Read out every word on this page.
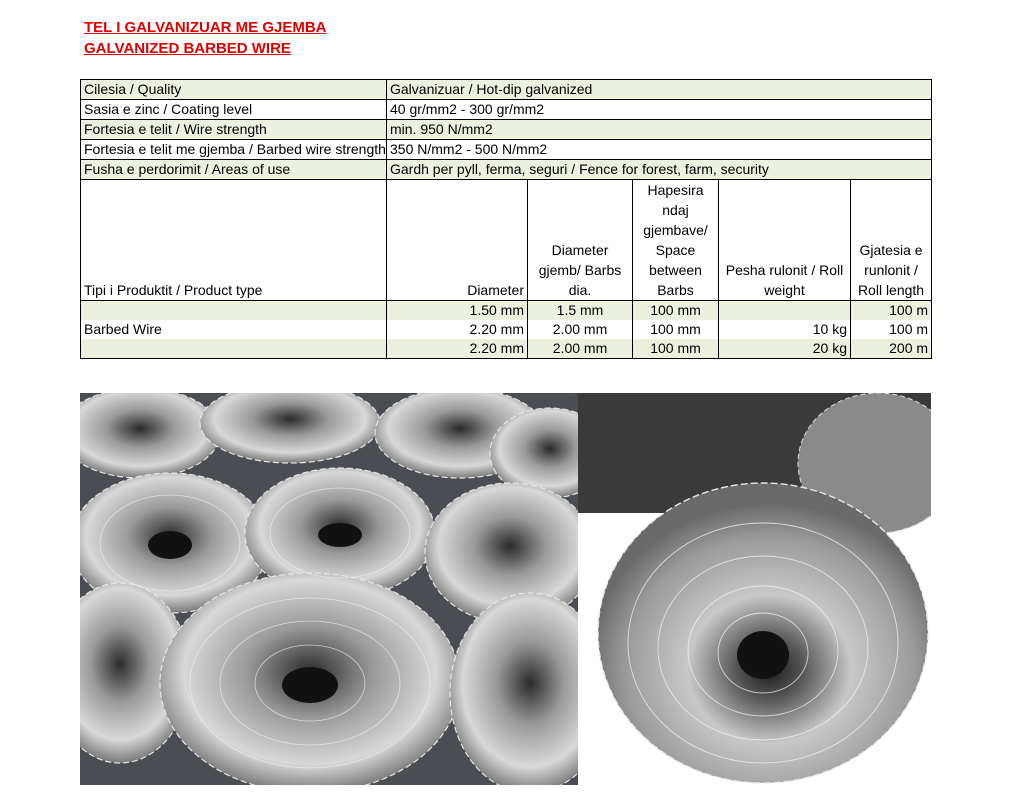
TEL I GALVANIZUAR ME GJEMBA
GALVANIZED BARBED WIRE
Cilesia / Quality	Galvanizuar / Hot-dip galvanized				
Sasia e zinc / Coating level	40 gr/mm2 - 300 gr/mm2				
Fortesia e telit / Wire strength	min. 950 N/mm2				
Fortesia e telit me gjemba / Barbed wire strength	350 N/mm2 - 500 N/mm2				
Fusha e perdorimit / Areas of use	Gardh per pyll, ferma, seguri / Fence for forest, farm, security				
Tipi i Produktit / Product type	Diameter	Diameter gjemb/ Barbs dia.	Hapesira ndaj gjembave/ Space between Barbs	Pesha rulonit / Roll weight	Gjatesia e runlonit / Roll length
	1.50 mm	1.5 mm	100 mm		100 m
Barbed Wire	2.20 mm	2.00 mm	100 mm	10 kg	100 m
	2.20 mm	2.00 mm	100 mm	20 kg	200 m
